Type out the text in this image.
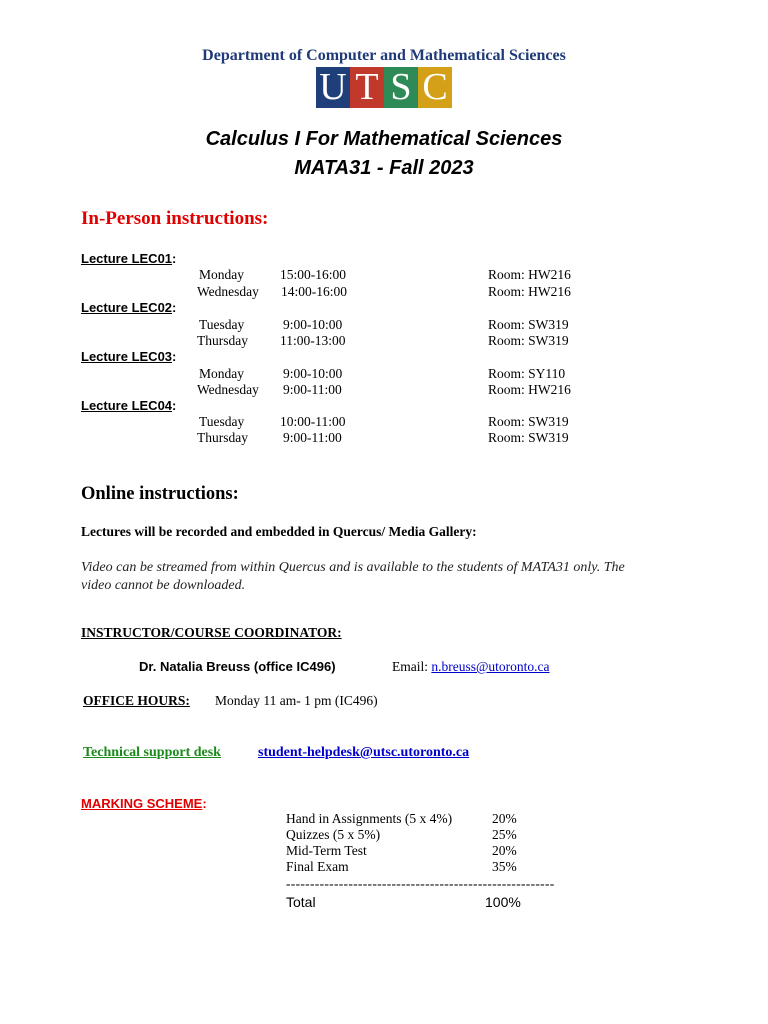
Department of Computer and Mathematical Sciences
U T S C
Calculus I For Mathematical Sciences
MATA31 - Fall 2023
In-Person instructions:
Lecture LEC01:
Monday	15:00-16:00	Room: HW216
Wednesday 14:00-16:00	Room: HW216
Lecture LEC02:
Tuesday	9:00-10:00	Room: SW319
Thursday 11:00-13:00	Room: SW319
Lecture LEC03:
Monday	9:00-10:00	Room: SY110
Wednesday 9:00-11:00	Room: HW216
Lecture LEC04:
Tuesday	10:00-11:00	Room: SW319
Thursday	9:00-11:00	Room: SW319
Online instructions:
Lectures will be recorded and embedded in Quercus/ Media Gallery:
Video can be streamed from within Quercus and is available to the students of MATA31 only. The
video cannot be downloaded.
INSTRUCTOR/COURSE COORDINATOR:
Dr. Natalia Breuss (office IC496)	Email: n.breuss@utoronto.ca
OFFICE HOURS: Monday 11 am- 1 pm (IC496)
Technical support desk	student-helpdesk@utsc.utoronto.ca
MARKING SCHEME:
Hand in Assignments (5 x 4%)	20%
Quizzes (5 x 5%)	25%
Mid-Term Test	20%
Final Exam	35%
--------------------------------------------------------
Total	100%
